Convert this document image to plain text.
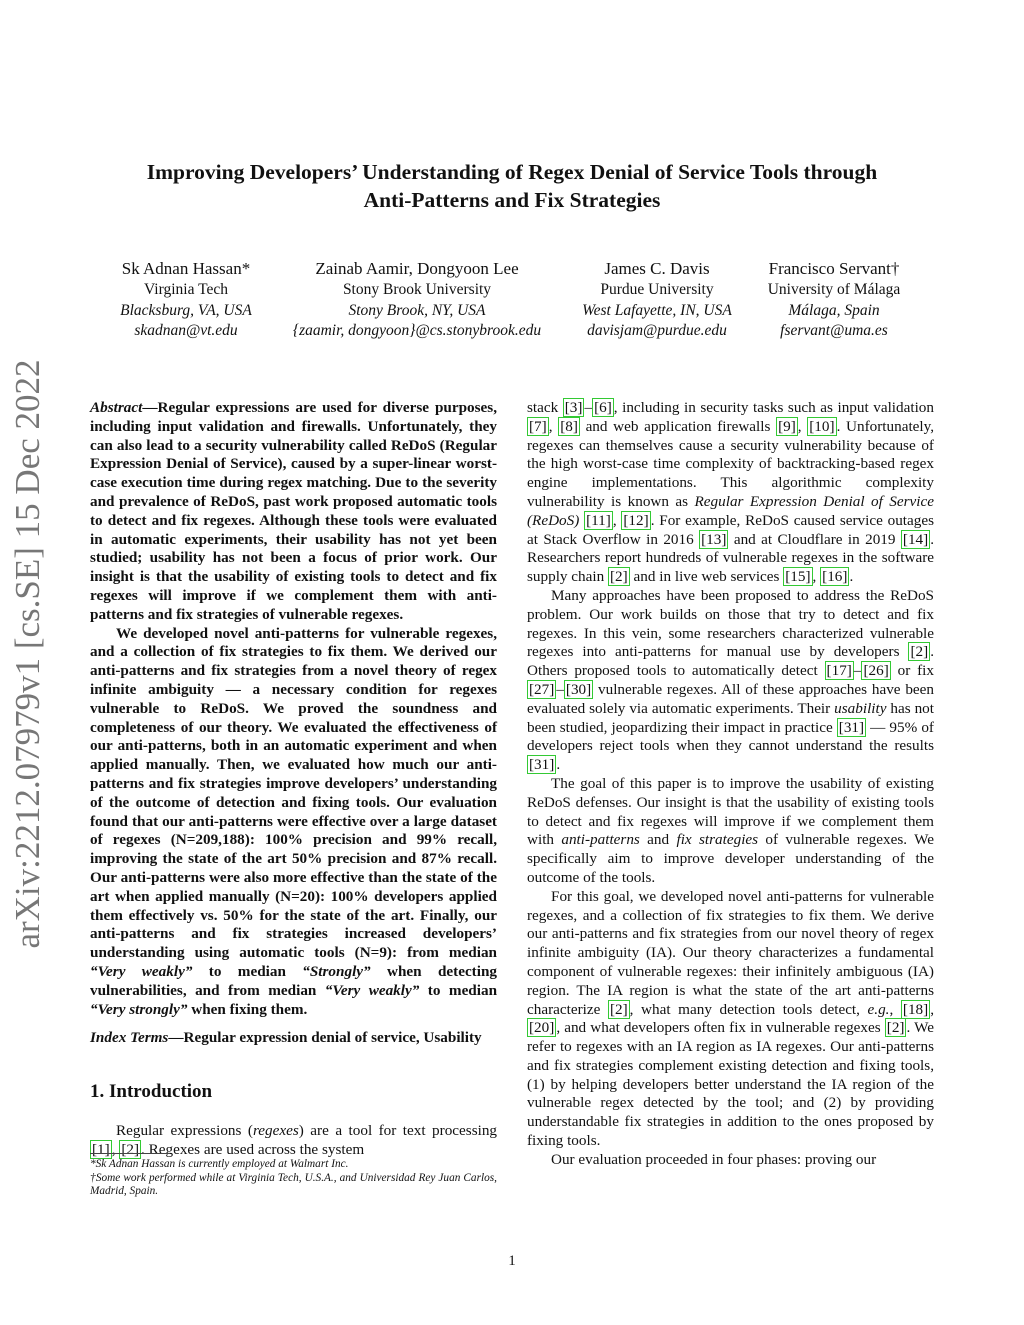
arXiv:2212.07979v1 [cs.SE] 15 Dec 2022
Improving Developers’ Understanding of Regex Denial of Service Tools through
Anti-Patterns and Fix Strategies
Sk Adnan Hassan*
Virginia Tech
Blacksburg, VA, USA
skadnan@vt.edu
Zainab Aamir, Dongyoon Lee
Stony Brook University
Stony Brook, NY, USA
{zaamir, dongyoon}@cs.stonybrook.edu
James C. Davis
Purdue University
West Lafayette, IN, USA
davisjam@purdue.edu
Francisco Servant†
University of Málaga
Málaga, Spain
fservant@uma.es

Abstract—Regular expressions are used for diverse purposes, including input validation and firewalls. Unfortunately, they can also lead to a security vulnerability called ReDoS (Regular Expression Denial of Service), caused by a super-linear worst-case execution time during regex matching. Due to the severity and prevalence of ReDoS, past work proposed automatic tools to detect and fix regexes. Although these tools were evaluated in automatic experiments, their usability has not yet been studied; usability has not been a focus of prior work. Our insight is that the usability of existing tools to detect and fix regexes will improve if we complement them with anti-patterns and fix strategies of vulnerable regexes.

We developed novel anti-patterns for vulnerable regexes, and a collection of fix strategies to fix them. We derived our anti-patterns and fix strategies from a novel theory of regex infinite ambiguity — a necessary condition for regexes vulnerable to ReDoS. We proved the soundness and completeness of our theory. We evaluated the effectiveness of our anti-patterns, both in an automatic experiment and when applied manually. Then, we evaluated how much our anti-patterns and fix strategies improve developers’ understanding of the outcome of detection and fixing tools. Our evaluation found that our anti-patterns were effective over a large dataset of regexes (N=209,188): 100% precision and 99% recall, improving the state of the art 50% precision and 87% recall. Our anti-patterns were also more effective than the state of the art when applied manually (N=20): 100% developers applied them effectively vs. 50% for the state of the art. Finally, our anti-patterns and fix strategies increased developers’ understanding using automatic tools (N=9): from median “Very weakly” to median “Strongly” when detecting vulnerabilities, and from median “Very weakly” to median “Very strongly” when fixing them.

Index Terms—Regular expression denial of service, Usability
1. Introduction

Regular expressions (regexes) are a tool for text processing [1] , [2] . Regexes are used across the system

*Sk Adnan Hassan is currently employed at Walmart Inc.
†Some work performed while at Virginia Tech, U.S.A., and Universidad Rey Juan Carlos, Madrid, Spain.

stack [3] – [6] , including in security tasks such as input validation [7] , [8] and web application firewalls [9] , [10] . Unfortunately, regexes can themselves cause a security vulnerability because of the high worst-case time complexity of backtracking-based regex engine implementations. This algorithmic complexity vulnerability is known as Regular Expression Denial of Service (ReDoS) [11] , [12] . For example, ReDoS caused service outages at Stack Overflow in 2016 [13] and at Cloudflare in 2019 [14] . Researchers report hundreds of vulnerable regexes in the software supply chain [2] and in live web services [15] , [16] .

Many approaches have been proposed to address the ReDoS problem. Our work builds on those that try to detect and fix regexes. In this vein, some researchers characterized vulnerable regexes into anti-patterns for manual use by developers [2] . Others proposed tools to automatically detect [17] – [26] or fix [27] – [30] vulnerable regexes. All of these approaches have been evaluated solely via automatic experiments. Their usability has not been studied, jeopardizing their impact in practice [31] — 95% of developers reject tools when they cannot understand the results [31] .

The goal of this paper is to improve the usability of existing ReDoS defenses. Our insight is that the usability of existing tools to detect and fix regexes will improve if we complement them with anti-patterns and fix strategies of vulnerable regexes. We specifically aim to improve developer understanding of the outcome of the tools.

For this goal, we developed novel anti-patterns for vulnerable regexes, and a collection of fix strategies to fix them. We derive our anti-patterns and fix strategies from our novel theory of regex infinite ambiguity (IA). Our theory characterizes a fundamental component of vulnerable regexes: their infinitely ambiguous (IA) region. The IA region is what the state of the art anti-patterns characterize [2] , what many detection tools detect, e.g., [18] , [20] , and what developers often fix in vulnerable regexes [2] . We refer to regexes with an IA region as IA regexes. Our anti-patterns and fix strategies complement existing detection and fixing tools, (1) by helping developers better understand the IA region of the vulnerable regex detected by the tool; and (2) by providing understandable fix strategies in addition to the ones proposed by fixing tools.

Our evaluation proceeded in four phases: proving our

1
